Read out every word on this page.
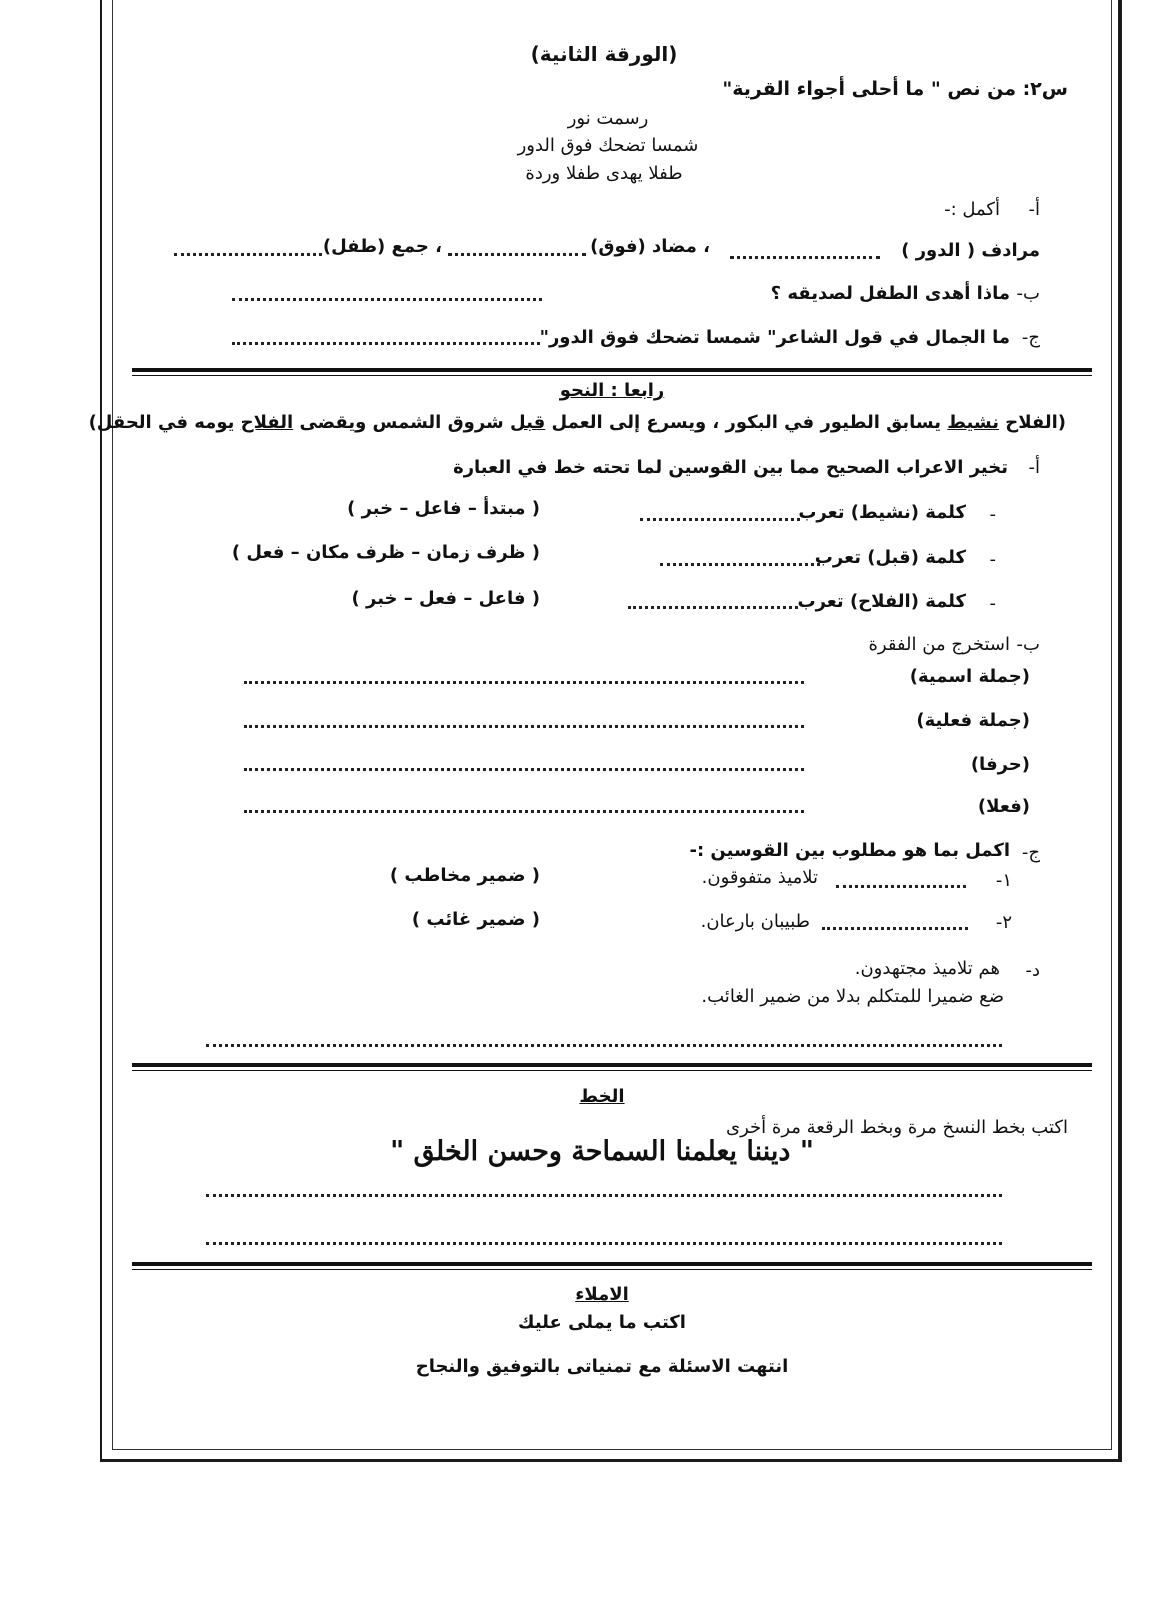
(الورقة الثانية)
س٢: من نص " ما أحلى أجواء القرية"
رسمت نور
شمسا تضحك فوق الدور
طفلا يهدى طفلا وردة
أ-
أكمل :-
مرادف ( الدور )
، مضاد (فوق)
، جمع (طفل)
ب-
ماذا أهدى الطفل لصديقه ؟
ج-
ما الجمال في قول الشاعر" شمسا تضحك فوق الدور"
رابعا : النحو
(الفلاح نشيط يسابق الطيور في البكور ، ويسرع إلى العمل قبل شروق الشمس ويقضى الفلاح يومه في الحقل)
أ-
تخير الاعراب الصحيح مما بين القوسين لما تحته خط في العبارة
-
كلمة (نشيط) تعرب
( مبتدأ – فاعل – خبر )
-
كلمة (قبل) تعرب
( ظرف زمان – ظرف مكان – فعل )
-
كلمة (الفلاح) تعرب
( فاعل – فعل – خبر )
ب-
استخرج من الفقرة
(جملة اسمية)
(جملة فعلية)
(حرفا)
(فعلا)
ج-
اكمل بما هو مطلوب بين القوسين :-
١-
تلاميذ متفوقون.
( ضمير مخاطب )
٢-
طبيبان بارعان.
( ضمير غائب )
د-
هم تلاميذ مجتهدون.
ضع ضميرا للمتكلم بدلا من ضمير الغائب.
الخط
اكتب بخط النسخ مرة وبخط الرقعة مرة أخرى
" ديننا يعلمنا السماحة وحسن الخلق "
الاملاء
اكتب ما يملى عليك
انتهت الاسئلة مع تمنياتى بالتوفيق والنجاح
